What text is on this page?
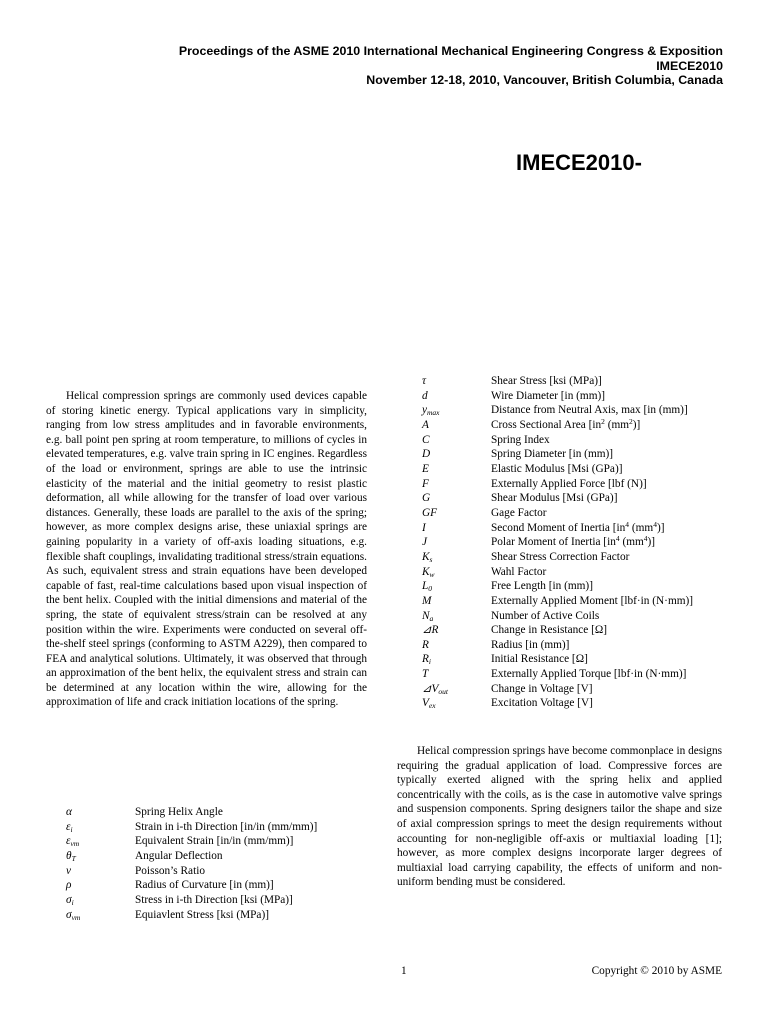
Proceedings of the ASME 2010 International Mechanical Engineering Congress & Exposition
IMECE2010
November 12-18, 2010, Vancouver, British Columbia, Canada
IMECE2010-

Helical compression springs are commonly used devices capable of storing kinetic energy. Typical applications vary in simplicity, ranging from low stress amplitudes and in favorable environments, e.g. ball point pen spring at room temperature, to millions of cycles in elevated temperatures, e.g. valve train spring in IC engines. Regardless of the load or environment, springs are able to use the intrinsic elasticity of the material and the initial geometry to resist plastic deformation, all while allowing for the transfer of load over various distances. Generally, these loads are parallel to the axis of the spring; however, as more complex designs arise, these uniaxial springs are gaining popularity in a variety of off-axis loading situations, e.g. flexible shaft couplings, invalidating traditional stress/strain equations. As such, equivalent stress and strain equations have been developed capable of fast, real-time calculations based upon visual inspection of the bent helix. Coupled with the initial dimensions and material of the spring, the state of equivalent stress/strain can be resolved at any position within the wire. Experiments were conducted on several off-the-shelf steel springs (conforming to ASTM A229), then compared to FEA and analytical solutions. Ultimately, it was observed that through an approximation of the bent helix, the equivalent stress and strain can be determined at any location within the wire, allowing for the approximation of life and crack initiation locations of the spring.

α	Spring Helix Angle
$\varepsilon_i$	Strain in i-th Direction [in/in (mm/mm)]
$\varepsilon_{vm}$	Equivalent Strain [in/in (mm/mm)]
$\theta_T$	Angular Deflection
ν	Poisson’s Ratio
ρ	Radius of Curvature [in (mm)]
$\sigma_i$	Stress in i-th Direction [ksi (MPa)]
$\sigma_{vm}$	Equiavlent Stress [ksi (MPa)]
τ	Shear Stress [ksi (MPa)]
d	Wire Diameter [in (mm)]
$y_{max}$	Distance from Neutral Axis, max [in (mm)]
A	Cross Sectional Area [$in^2$ $(mm^2)$]
C	Spring Index
D	Spring Diameter [in (mm)]
E	Elastic Modulus [Msi (GPa)]
F	Externally Applied Force [lbf (N)]
G	Shear Modulus [Msi (GPa)]
GF	Gage Factor
I	Second Moment of Inertia [$in^4$ $(mm^4)$]
J	Polar Moment of Inertia [$in^4$ $(mm^4)$]
$K_s$	Shear Stress Correction Factor
$K_w$	Wahl Factor
$L_0$	Free Length [in (mm)]
M	Externally Applied Moment [lbf·in (N·mm)]
$N_a$	Number of Active Coils
⊿R	Change in Resistance [Ω]
R	Radius [in (mm)]
$R_i$	Initial Resistance [Ω]
T	Externally Applied Torque [lbf·in (N·mm)]
$⊿V_{out}$	Change in Voltage [V]
$V_{ex}$	Excitation Voltage [V]

Helical compression springs have become commonplace in designs requiring the gradual application of load. Compressive forces are typically exerted aligned with the spring helix and applied concentrically with the coils, as is the case in automotive valve springs and suspension components. Spring designers tailor the shape and size of axial compression springs to meet the design requirements without accounting for non-negligible off-axis or multiaxial loading [1]; however, as more complex designs incorporate larger degrees of multiaxial load carrying capability, the effects of uniform and non-uniform bending must be considered.

1	Copyright © 2010 by ASME
